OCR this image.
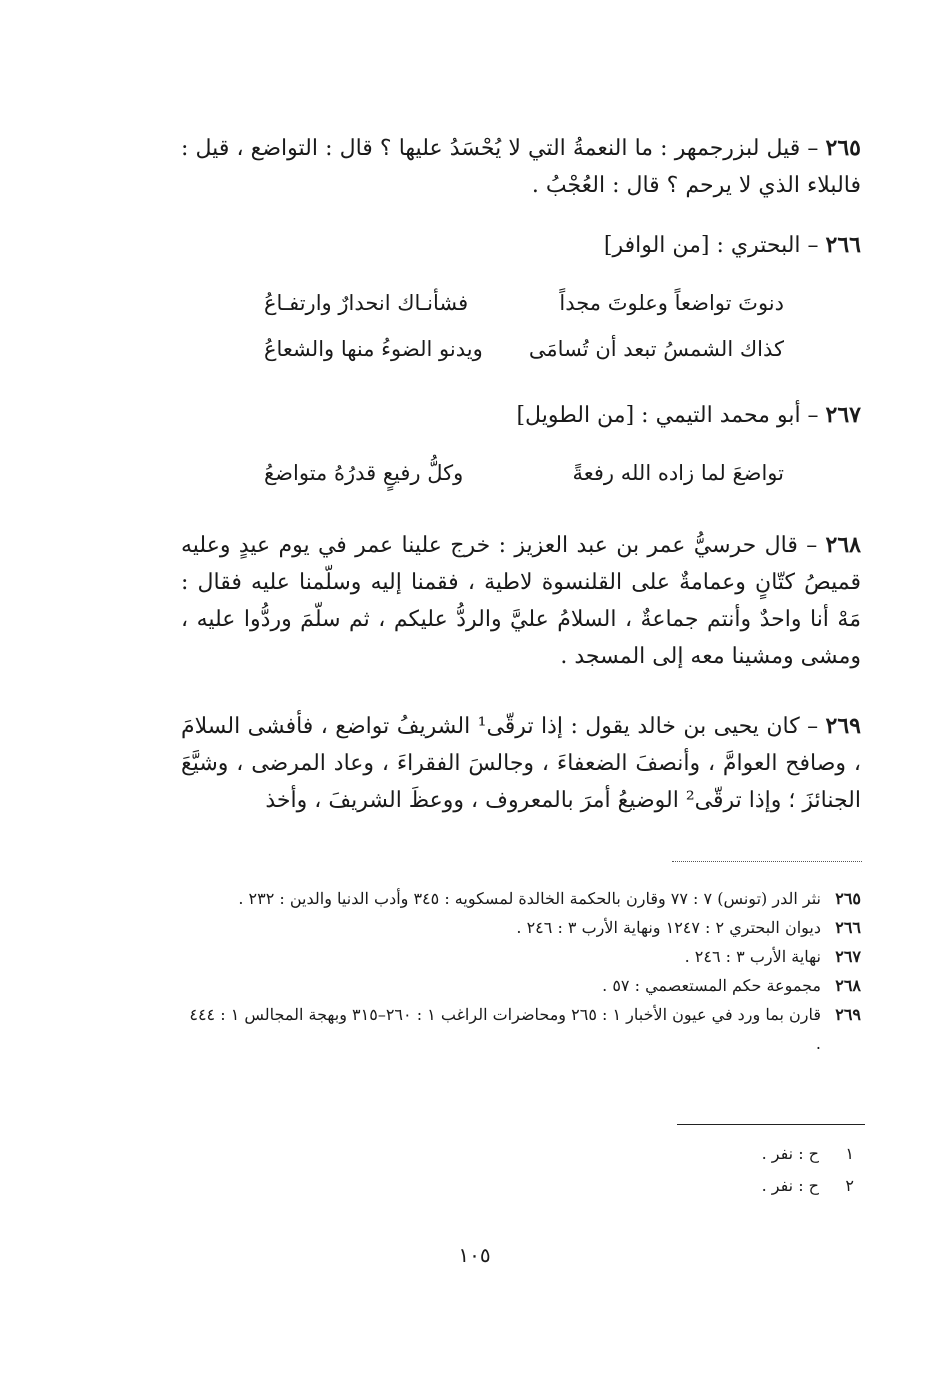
٢٦٥ – قيل لبزرجمهر : ما النعمةُ التي لا يُحْسَدُ عليها ؟ قال : التواضع ، قيل : فالبلاء الذي لا يرحم ؟ قال : العُجْبُ .
٢٦٦ – البحتري : [من الوافر]
دنوتَ تواضعاً وعلوتَ مجداً
فشأنـاك انحدارٌ وارتفـاعُ
كذاك الشمسُ تبعد أن تُسامَى
ويدنو الضوءُ منها والشعاعُ
٢٦٧ – أبو محمد التيمي : [من الطويل]
تواضعَ لما زاده الله رفعةً
وكلُّ رفيعٍ قدرُهُ متواضعُ
٢٦٨ – قال حرسيُّ عمر بن عبد العزيز : خرج علينا عمر في يوم عيدٍ وعليه قميصُ كتّانٍ وعمامةٌ على القلنسوة لاطية ، فقمنا إليه وسلّمنا عليه فقال : مَهْ أنا واحدٌ وأنتم جماعةٌ ، السلامُ عليَّ والردُّ عليكم ، ثم سلّمَ وردُّوا عليه ، ومشى ومشينا معه إلى المسجد .
٢٦٩ – كان يحيى بن خالد يقول : إذا ترقّى¹ الشريفُ تواضع ، فأفشى السلامَ ، وصافح العوامَّ ، وأنصفَ الضعفاءَ ، وجالسَ الفقراءَ ، وعاد المرضى ، وشيَّعَ الجنائزَ ؛ وإذا ترقّى² الوضيعُ أمرَ بالمعروف ، ووعظَ الشريفَ ، وأخذ
٢٦٥
نثر الدر (تونس) ٧ : ٧٧ وقارن بالحكمة الخالدة لمسكويه : ٣٤٥ وأدب الدنيا والدين : ٢٣٢ .
٢٦٦
ديوان البحتري ٢ : ١٢٤٧ ونهاية الأرب ٣ : ٢٤٦ .
٢٦٧
نهاية الأرب ٣ : ٢٤٦ .
٢٦٨
مجموعة حكم المستعصمي : ٥٧ .
٢٦٩
قارن بما ورد في عيون الأخبار ١ : ٢٦٥ ومحاضرات الراغب ١ : ٢٦٠–٣١٥ وبهجة المجالس ١ : ٤٤٤ .
١
ح : نفر .
٢
ح : نفر .
١٠٥
